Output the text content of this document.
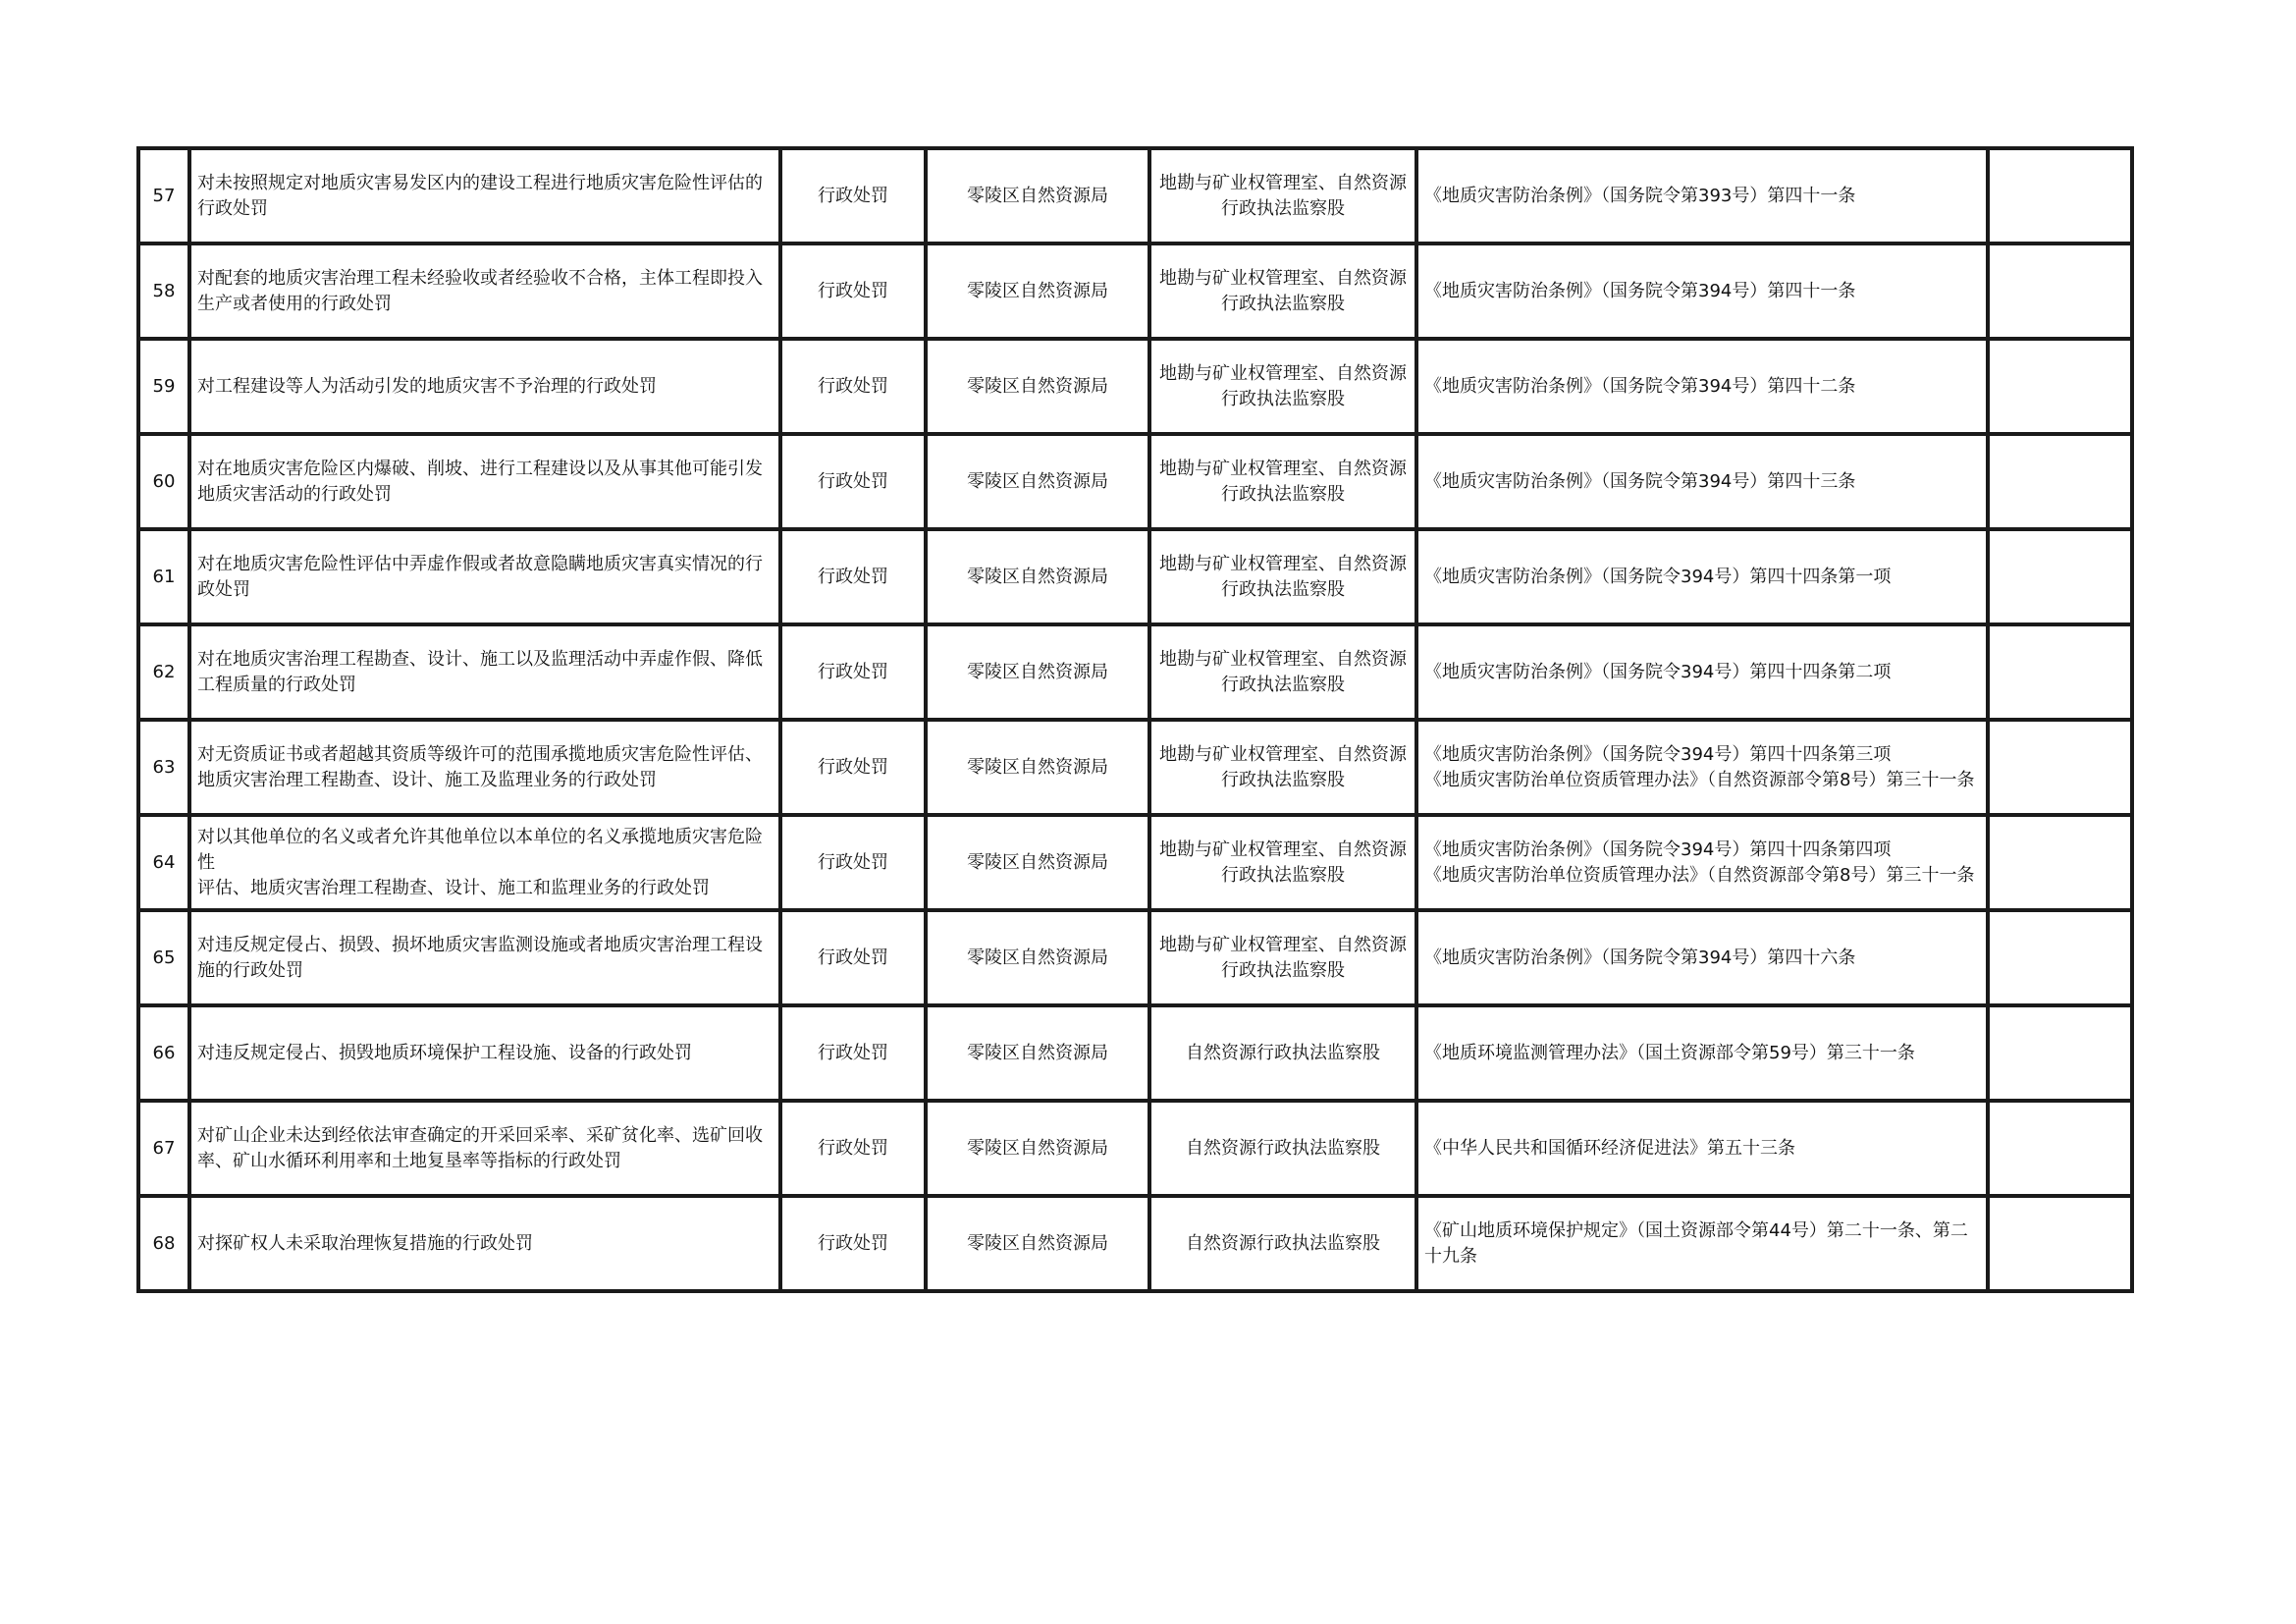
57	对未按照规定对地质灾害易发区内的建设工程进行地质灾害危险性评估的行政处罚	行政处罚	零陵区自然资源局	地勘与矿业权管理室、自然资源行政执法监察股	《地质灾害防治条例》（国务院令第393号）第四十一条	
58	对配套的地质灾害治理工程未经验收或者经验收不合格，主体工程即投入生产或者使用的行政处罚	行政处罚	零陵区自然资源局	地勘与矿业权管理室、自然资源行政执法监察股	《地质灾害防治条例》（国务院令第394号）第四十一条	
59	对工程建设等人为活动引发的地质灾害不予治理的行政处罚	行政处罚	零陵区自然资源局	地勘与矿业权管理室、自然资源行政执法监察股	《地质灾害防治条例》（国务院令第394号）第四十二条	
60	对在地质灾害危险区内爆破、削坡、进行工程建设以及从事其他可能引发地质灾害活动的行政处罚	行政处罚	零陵区自然资源局	地勘与矿业权管理室、自然资源行政执法监察股	《地质灾害防治条例》（国务院令第394号）第四十三条	
61	对在地质灾害危险性评估中弄虚作假或者故意隐瞒地质灾害真实情况的行政处罚	行政处罚	零陵区自然资源局	地勘与矿业权管理室、自然资源行政执法监察股	《地质灾害防治条例》（国务院令394号）第四十四条第一项	
62	对在地质灾害治理工程勘查、设计、施工以及监理活动中弄虚作假、降低工程质量的行政处罚	行政处罚	零陵区自然资源局	地勘与矿业权管理室、自然资源行政执法监察股	《地质灾害防治条例》（国务院令394号）第四十四条第二项	
63	对无资质证书或者超越其资质等级许可的范围承揽地质灾害危险性评估、地质灾害治理工程勘查、设计、施工及监理业务的行政处罚	行政处罚	零陵区自然资源局	地勘与矿业权管理室、自然资源行政执法监察股	《地质灾害防治条例》（国务院令394号）第四十四条第三项
《地质灾害防治单位资质管理办法》（自然资源部令第8号）第三十一条	
64	对以其他单位的名义或者允许其他单位以本单位的名义承揽地质灾害危险性
评估、地质灾害治理工程勘查、设计、施工和监理业务的行政处罚	行政处罚	零陵区自然资源局	地勘与矿业权管理室、自然资源行政执法监察股	《地质灾害防治条例》（国务院令394号）第四十四条第四项
《地质灾害防治单位资质管理办法》（自然资源部令第8号）第三十一条	
65	对违反规定侵占、损毁、损坏地质灾害监测设施或者地质灾害治理工程设施的行政处罚	行政处罚	零陵区自然资源局	地勘与矿业权管理室、自然资源行政执法监察股	《地质灾害防治条例》（国务院令第394号）第四十六条	
66	对违反规定侵占、损毁地质环境保护工程设施、设备的行政处罚	行政处罚	零陵区自然资源局	自然资源行政执法监察股	《地质环境监测管理办法》（国土资源部令第59号）第三十一条	
67	对矿山企业未达到经依法审查确定的开采回采率、采矿贫化率、选矿回收率、矿山水循环利用率和土地复垦率等指标的行政处罚	行政处罚	零陵区自然资源局	自然资源行政执法监察股	《中华人民共和国循环经济促进法》第五十三条	
68	对探矿权人未采取治理恢复措施的行政处罚	行政处罚	零陵区自然资源局	自然资源行政执法监察股	《矿山地质环境保护规定》（国土资源部令第44号）第二十一条、第二十九条	
